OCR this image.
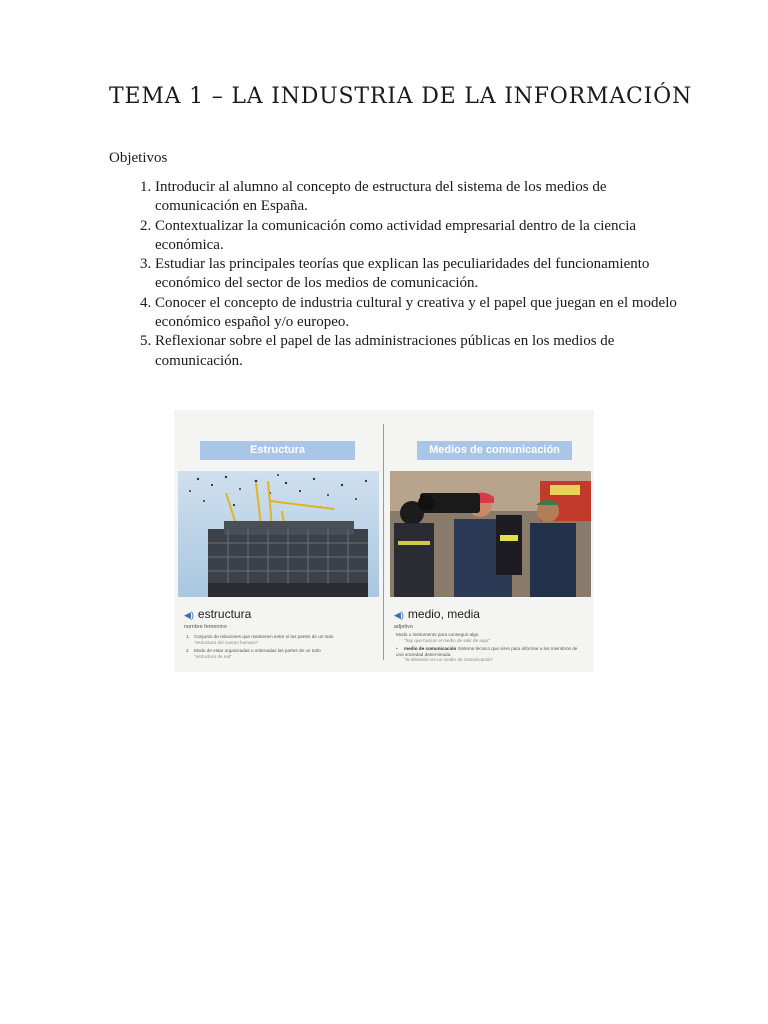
TEMA 1 – LA INDUSTRIA DE LA INFORMACIÓN
Objetivos
1. Introducir al alumno al concepto de estructura del sistema de los medios de comunicación en España.
2. Contextualizar la comunicación como actividad empresarial dentro de la ciencia económica.
3. Estudiar las principales teorías que explican las peculiaridades del funcionamiento económico del sector de los medios de comunicación.
4. Conocer el concepto de industria cultural y creativa y el papel que juegan en el modelo económico español y/o europeo.
5. Reflexionar sobre el papel de las administraciones públicas en los medios de comunicación.
Estructura	Medios de comunicación
◀) estructura	◀) medio, media
nombre femenino	adjetivo
1. Conjunto de relaciones que mantienen entre sí las partes de un todo
"estructura del cuerpo humano"
2. Modo de estar organizadas u ordenadas las partes de un todo
"estructura de red"
Modo o instrumento para conseguir algo.
"hay que buscar el medio de salir de aquí"
• medio de comunicación Sistema técnico que sirve para informar a los miembros de una sociedad determinada.
"la televisión es un medio de comunicación"
